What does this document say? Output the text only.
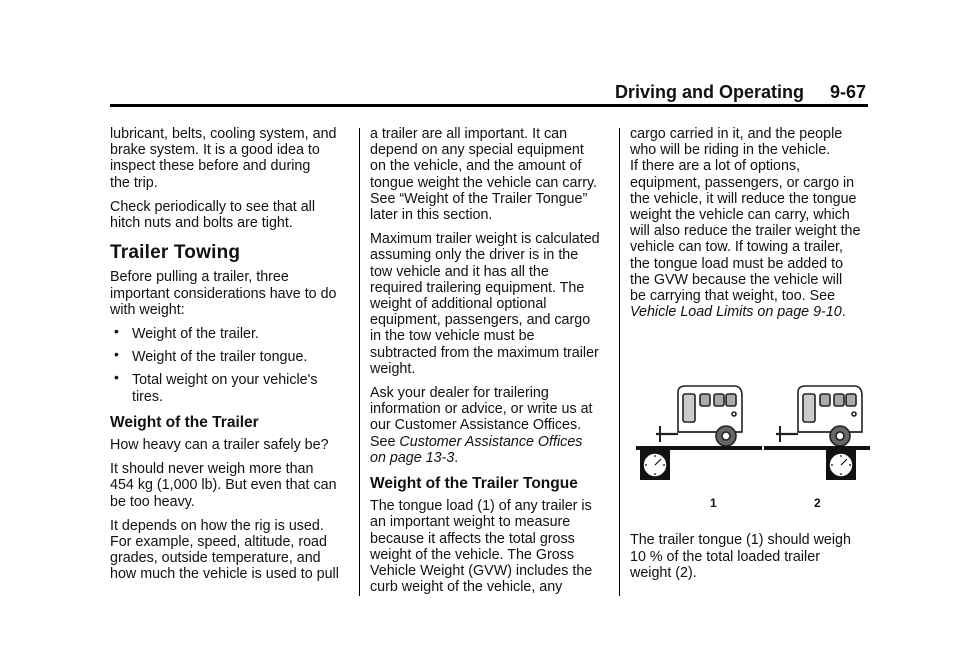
Driving and Operating 9-67

lubricant, belts, cooling system, and
brake system. It is a good idea to
inspect these before and during
the trip.

Check periodically to see that all
hitch nuts and bolts are tight.

Trailer Towing

Before pulling a trailer, three
important considerations have to do
with weight:

• Weight of the trailer.
• Weight of the trailer tongue.
• Total weight on your vehicle's
tires.
Weight of the Trailer

How heavy can a trailer safely be?

It should never weigh more than
454 kg (1,000 lb). But even that can
be too heavy.

It depends on how the rig is used.
For example, speed, altitude, road
grades, outside temperature, and
how much the vehicle is used to pull

a trailer are all important. It can
depend on any special equipment
on the vehicle, and the amount of
tongue weight the vehicle can carry.
See “Weight of the Trailer Tongue”
later in this section.

Maximum trailer weight is calculated
assuming only the driver is in the
tow vehicle and it has all the
required trailering equipment. The
weight of additional optional
equipment, passengers, and cargo
in the tow vehicle must be
subtracted from the maximum trailer
weight.

Ask your dealer for trailering
information or advice, or write us at
our Customer Assistance Offices.
See Customer Assistance Offices
on page 13-3.

Weight of the Trailer Tongue

The tongue load (1) of any trailer is
an important weight to measure
because it affects the total gross
weight of the vehicle. The Gross
Vehicle Weight (GVW) includes the
curb weight of the vehicle, any

cargo carried in it, and the people
who will be riding in the vehicle.
If there are a lot of options,
equipment, passengers, or cargo in
the vehicle, it will reduce the tongue
weight the vehicle can carry, which
will also reduce the trailer weight the
vehicle can tow. If towing a trailer,
the tongue load must be added to
the GVW because the vehicle will
be carrying that weight, too. See
Vehicle Load Limits on page 9-10.

1	2

The trailer tongue (1) should weigh
10 % of the total loaded trailer
weight (2).
